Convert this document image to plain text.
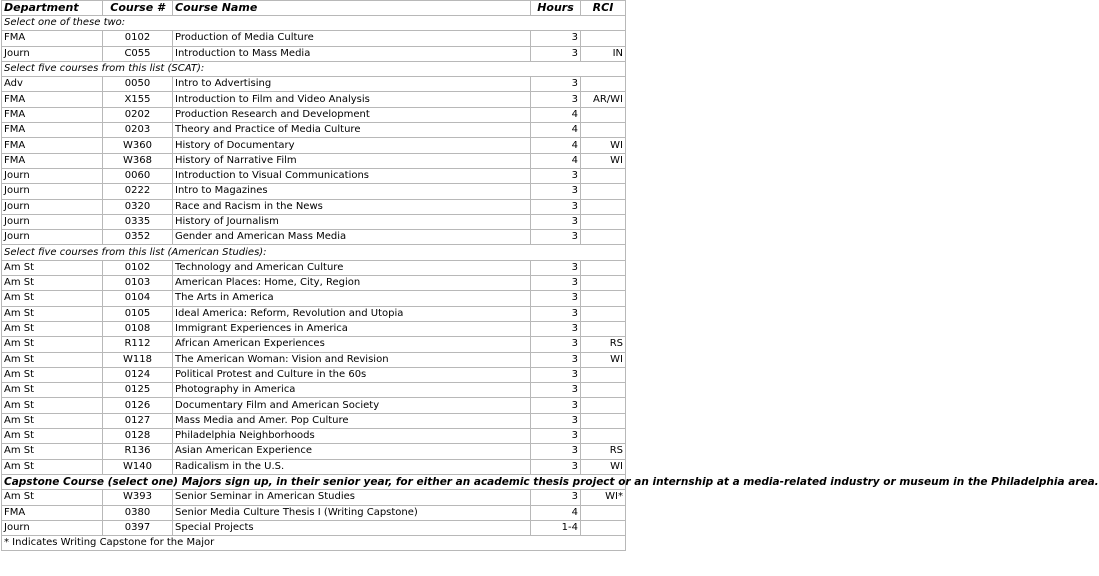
Department	Course #	Course Name	Hours	RCI
Select one of these two:				
FMA	0102	Production of Media Culture	3	
Journ	C055	Introduction to Mass Media	3	IN
Select five courses from this list (SCAT):				
Adv	0050	Intro to Advertising	3	
FMA	X155	Introduction to Film and Video Analysis	3	AR/WI
FMA	0202	Production Research and Development	4	
FMA	0203	Theory and Practice of Media Culture	4	
FMA	W360	History of Documentary	4	WI
FMA	W368	History of Narrative Film	4	WI
Journ	0060	Introduction to Visual Communications	3	
Journ	0222	Intro to Magazines	3	
Journ	0320	Race and Racism in the News	3	
Journ	0335	History of Journalism	3	
Journ	0352	Gender and American Mass Media	3	
Select five courses from this list (American Studies):				
Am St	0102	Technology and American Culture	3	
Am St	0103	American Places: Home, City, Region	3	
Am St	0104	The Arts in America	3	
Am St	0105	Ideal America: Reform, Revolution and Utopia	3	
Am St	0108	Immigrant Experiences in America	3	
Am St	R112	African American Experiences	3	RS
Am St	W118	The American Woman: Vision and Revision	3	WI
Am St	0124	Political Protest and Culture in the 60s	3	
Am St	0125	Photography in America	3	
Am St	0126	Documentary Film and American Society	3	
Am St	0127	Mass Media and Amer. Pop Culture	3	
Am St	0128	Philadelphia Neighborhoods	3	
Am St	R136	Asian American Experience	3	RS
Am St	W140	Radicalism in the U.S.	3	WI
Capstone Course (select one) Majors sign up, in their senior year, for either an academic thesis project or an internship at a media-related industry or museum in the Philadelphia area.				
Am St	W393	Senior Seminar in American Studies	3	WI*
FMA	0380	Senior Media Culture Thesis I (Writing Capstone)	4	
Journ	0397	Special Projects	1-4	
* Indicates Writing Capstone for the Major				
